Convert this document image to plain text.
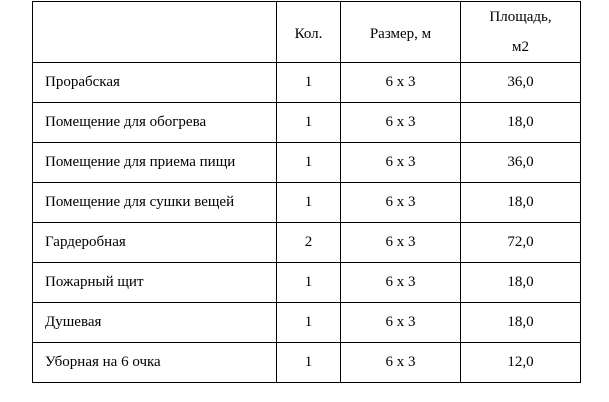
	Кол.	Размер, м	Площадь,
м2

Прорабская	1	6 х 3	36,0
Помещение для обогрева	1	6 х 3	18,0
Помещение для приема пищи	1	6 х 3	36,0
Помещение для сушки вещей	1	6 х 3	18,0
Гардеробная	2	6 х 3	72,0
Пожарный щит	1	6 х 3	18,0
Душевая	1	6 х 3	18,0
Уборная на 6 очка	1	6 х 3	12,0
